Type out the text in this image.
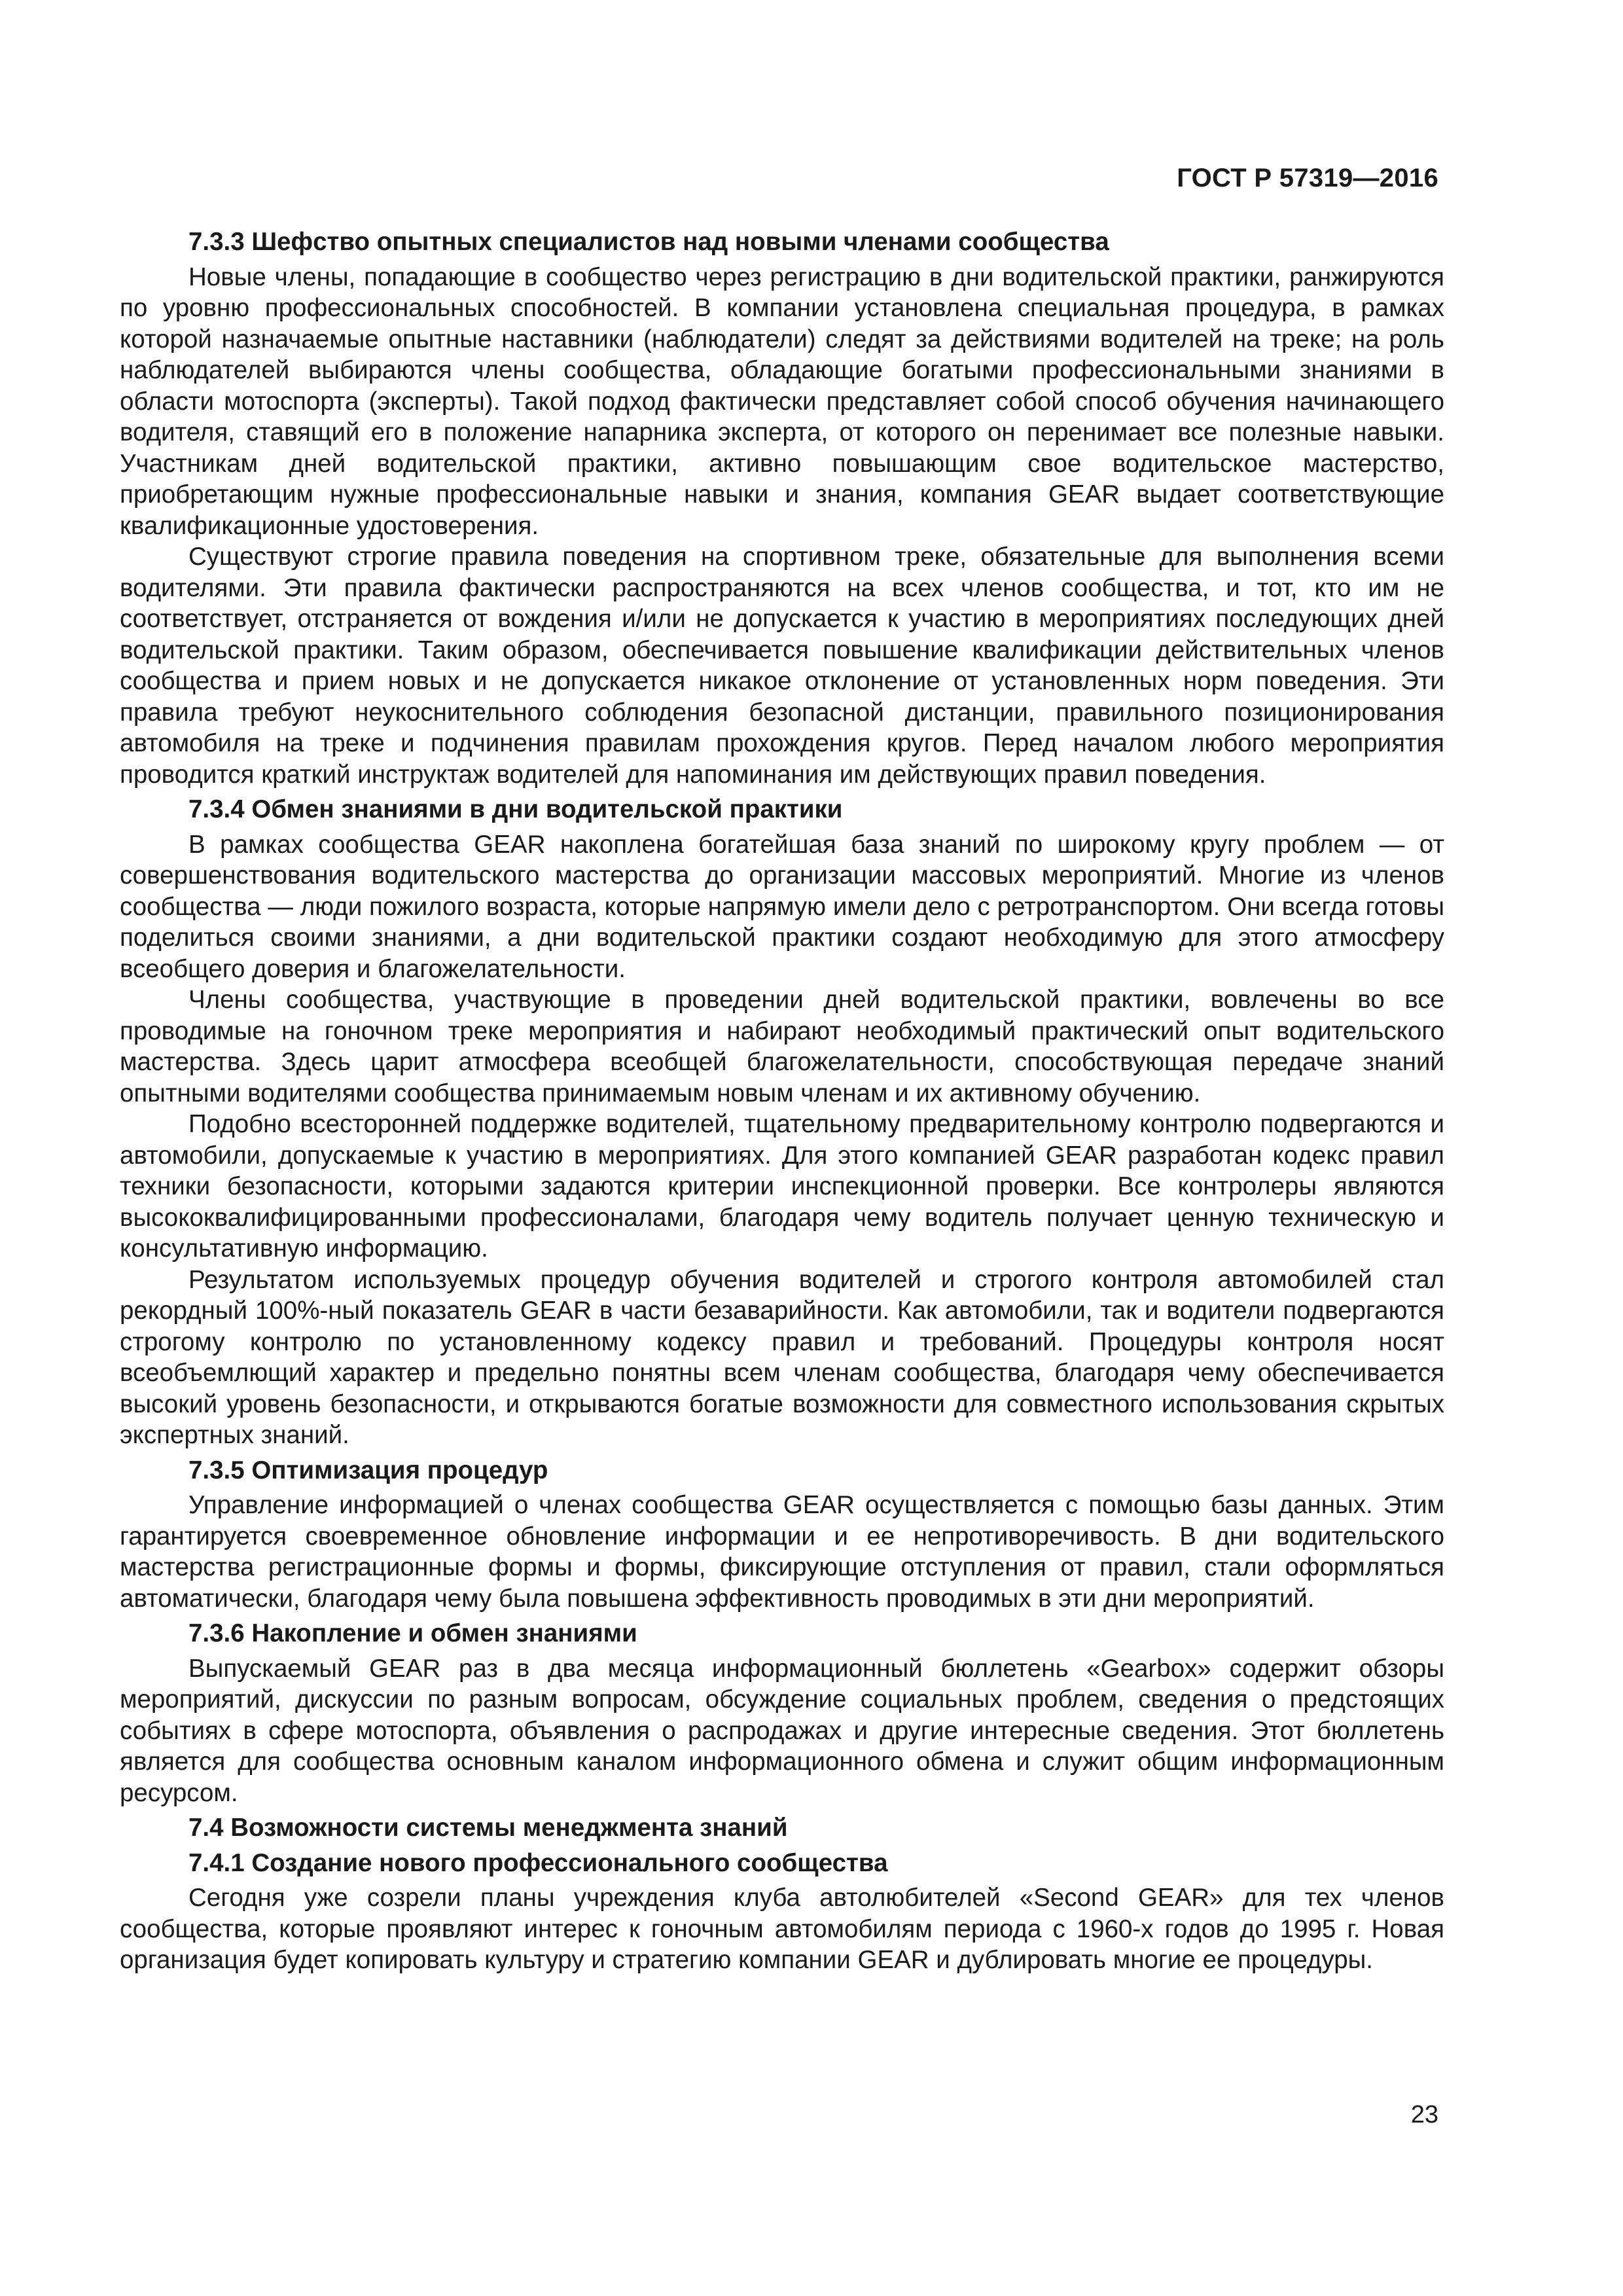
ГОСТ Р 57319—2016
7.3.3 Шефство опытных специалистов над новыми членами сообщества

Новые члены, попадающие в сообщество через регистрацию в дни водительской практики, ранжируются по уровню профессиональных способностей. В компании установлена специальная процедура, в рамках которой назначаемые опытные наставники (наблюдатели) следят за действиями водителей на треке; на роль наблюдателей выбираются члены сообщества, обладающие богатыми профессиональными знаниями в области мотоспорта (эксперты). Такой подход фактически представляет собой способ обучения начинающего водителя, ставящий его в положение напарника эксперта, от которого он перенимает все полезные навыки. Участникам дней водительской практики, активно повышающим свое водительское мастерство, приобретающим нужные профессиональные навыки и знания, компания GEAR выдает соответствующие квалификационные удостоверения.

Существуют строгие правила поведения на спортивном треке, обязательные для выполнения всеми водителями. Эти правила фактически распространяются на всех членов сообщества, и тот, кто им не соответствует, отстраняется от вождения и/или не допускается к участию в мероприятиях последующих дней водительской практики. Таким образом, обеспечивается повышение квалификации действительных членов сообщества и прием новых и не допускается никакое отклонение от установленных норм поведения. Эти правила требуют неукоснительного соблюдения безопасной дистанции, правильного позиционирования автомобиля на треке и подчинения правилам прохождения кругов. Перед началом любого мероприятия проводится краткий инструктаж водителей для напоминания им действующих правил поведения.

7.3.4 Обмен знаниями в дни водительской практики

В рамках сообщества GEAR накоплена богатейшая база знаний по широкому кругу проблем — от совершенствования водительского мастерства до организации массовых мероприятий. Многие из членов сообщества — люди пожилого возраста, которые напрямую имели дело с ретротранспортом. Они всегда готовы поделиться своими знаниями, а дни водительской практики создают необходимую для этого атмосферу всеобщего доверия и благожелательности.

Члены сообщества, участвующие в проведении дней водительской практики, вовлечены во все проводимые на гоночном треке мероприятия и набирают необходимый практический опыт водительского мастерства. Здесь царит атмосфера всеобщей благожелательности, способствующая передаче знаний опытными водителями сообщества принимаемым новым членам и их активному обучению.

Подобно всесторонней поддержке водителей, тщательному предварительному контролю подвергаются и автомобили, допускаемые к участию в мероприятиях. Для этого компанией GEAR разработан кодекс правил техники безопасности, которыми задаются критерии инспекционной проверки. Все контролеры являются высококвалифицированными профессионалами, благодаря чему водитель получает ценную техническую и консультативную информацию.

Результатом используемых процедур обучения водителей и строгого контроля автомобилей стал рекордный 100%-ный показатель GEAR в части безаварийности. Как автомобили, так и водители подвергаются строгому контролю по установленному кодексу правил и требований. Процедуры контроля носят всеобъемлющий характер и предельно понятны всем членам сообщества, благодаря чему обеспечивается высокий уровень безопасности, и открываются богатые возможности для совместного использования скрытых экспертных знаний.

7.3.5 Оптимизация процедур

Управление информацией о членах сообщества GEAR осуществляется с помощью базы данных. Этим гарантируется своевременное обновление информации и ее непротиворечивость. В дни водительского мастерства регистрационные формы и формы, фиксирующие отступления от правил, стали оформляться автоматически, благодаря чему была повышена эффективность проводимых в эти дни мероприятий.

7.3.6 Накопление и обмен знаниями

Выпускаемый GEAR раз в два месяца информационный бюллетень «Gearbox» содержит обзоры мероприятий, дискуссии по разным вопросам, обсуждение социальных проблем, сведения о предстоящих событиях в сфере мотоспорта, объявления о распродажах и другие интересные сведения. Этот бюллетень является для сообщества основным каналом информационного обмена и служит общим информационным ресурсом.

7.4 Возможности системы менеджмента знаний
7.4.1 Создание нового профессионального сообщества

Сегодня уже созрели планы учреждения клуба автолюбителей «Second GEAR» для тех членов сообщества, которые проявляют интерес к гоночным автомобилям периода с 1960-х годов до 1995 г. Новая организация будет копировать культуру и стратегию компании GEAR и дублировать многие ее процедуры.

23
